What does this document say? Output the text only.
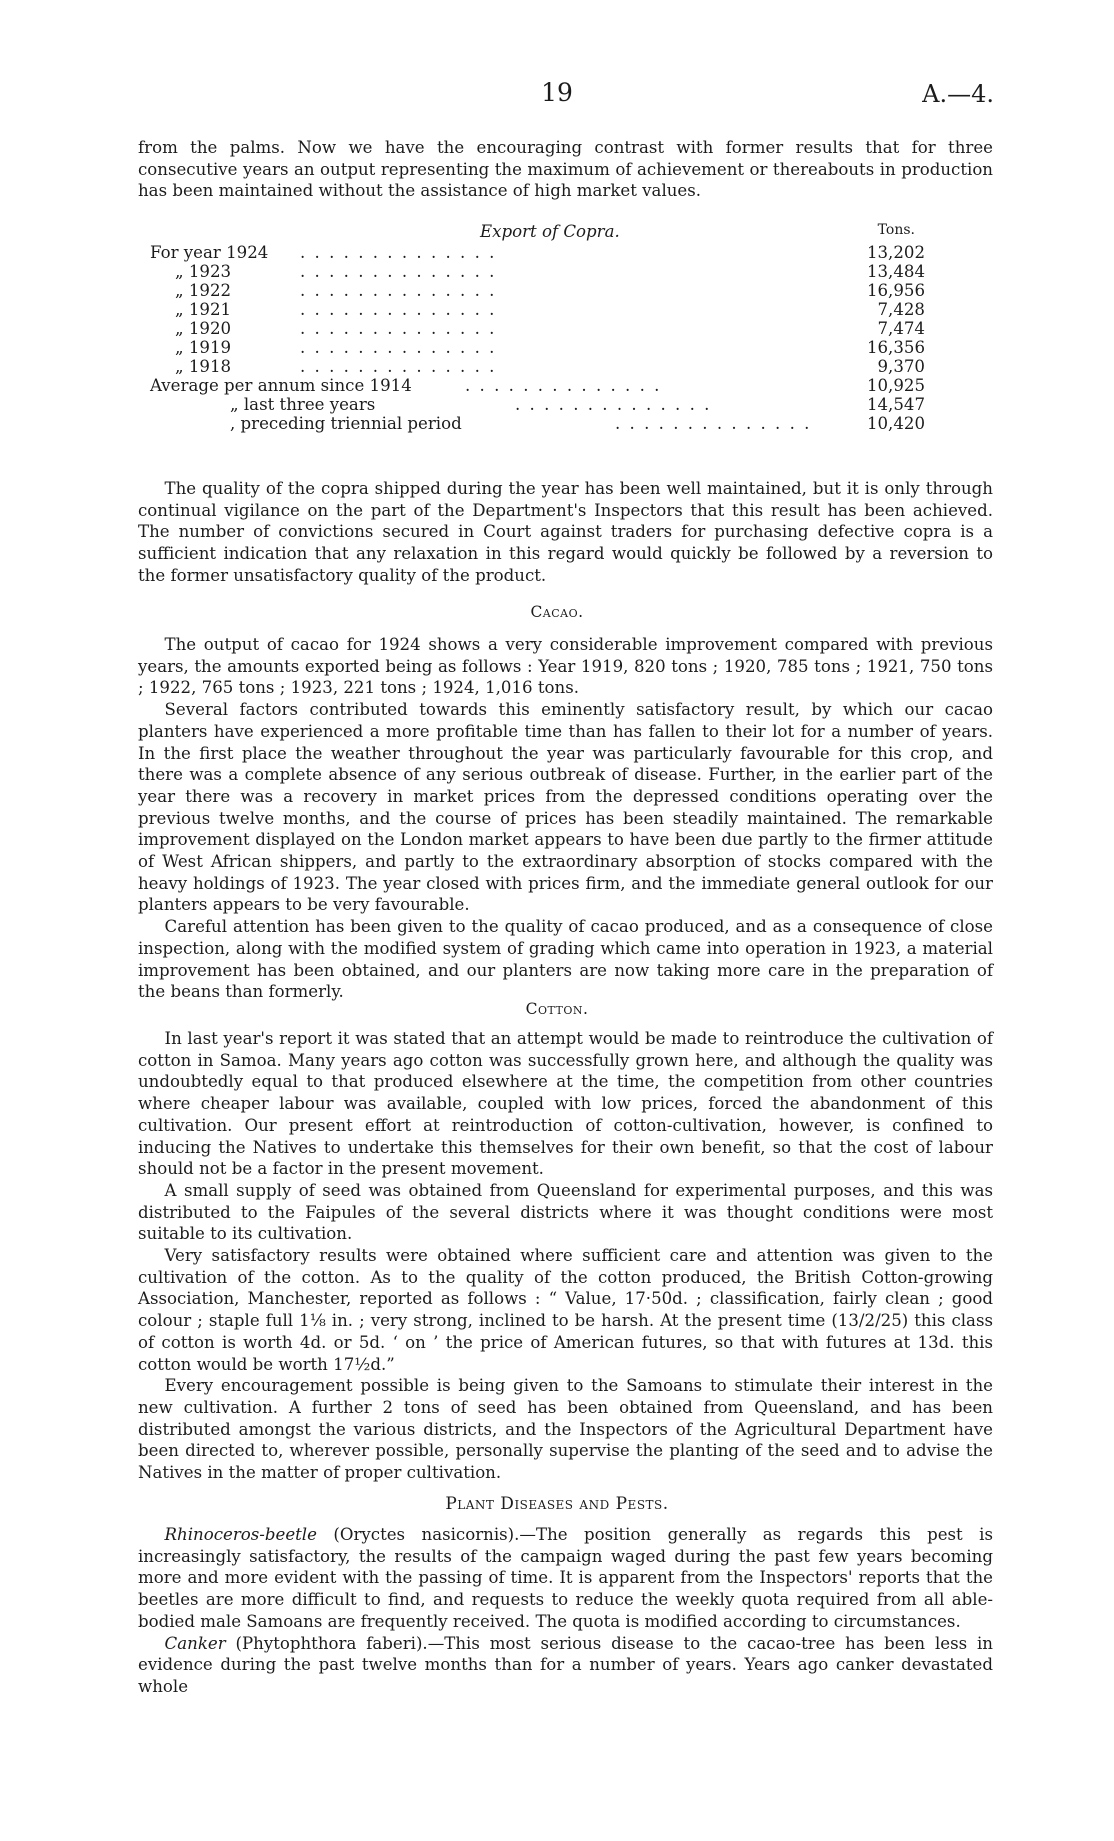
19	A.—4.

from the palms. Now we have the encouraging contrast with former results that for three consecutive years an output representing the maximum of achievement or thereabouts in production has been maintained without the assistance of high market values.

Export of Copra.	Tons.
For year 1924 . . . . . . . . . . . . . .	13,202
„ 1923	. . . . . . . . . . . . . .	13,484
„ 1922	. . . . . . . . . . . . . .	16,956
„ 1921	. . . . . . . . . . . . . .	7,428
„ 1920	. . . . . . . . . . . . . .	7,474
„ 1919	. . . . . . . . . . . . . .	16,356
„ 1918	. . . . . . . . . . . . . .	9,370
Average per annum since 1914	. . . . . . . . . . . . . .	10,925
„ last three years	. . . . . . . . . . . . . .	14,547
, preceding triennial period	. . . . . . . . . . . . . .	10,420

The quality of the copra shipped during the year has been well maintained, but it is only through continual vigilance on the part of the Department's Inspectors that this result has been achieved. The number of convictions secured in Court against traders for purchasing defective copra is a sufficient indication that any relaxation in this regard would quickly be followed by a reversion to the former unsatisfactory quality of the product.

Cacao.

The output of cacao for 1924 shows a very considerable improvement compared with previous years, the amounts exported being as follows : Year 1919, 820 tons ; 1920, 785 tons ; 1921, 750 tons ; 1922, 765 tons ; 1923, 221 tons ; 1924, 1,016 tons.

Several factors contributed towards this eminently satisfactory result, by which our cacao planters have experienced a more profitable time than has fallen to their lot for a number of years. In the first place the weather throughout the year was particularly favourable for this crop, and there was a complete absence of any serious outbreak of disease. Further, in the earlier part of the year there was a recovery in market prices from the depressed conditions operating over the previous twelve months, and the course of prices has been steadily maintained. The remarkable improvement displayed on the London market appears to have been due partly to the firmer attitude of West African shippers, and partly to the extraordinary absorption of stocks compared with the heavy holdings of 1923. The year closed with prices firm, and the immediate general outlook for our planters appears to be very favourable.

Careful attention has been given to the quality of cacao produced, and as a consequence of close inspection, along with the modified system of grading which came into operation in 1923, a material improvement has been obtained, and our planters are now taking more care in the preparation of the beans than formerly.

Cotton.

In last year's report it was stated that an attempt would be made to reintroduce the cultivation of cotton in Samoa. Many years ago cotton was successfully grown here, and although the quality was undoubtedly equal to that produced elsewhere at the time, the competition from other countries where cheaper labour was available, coupled with low prices, forced the abandonment of this cultivation. Our present effort at reintroduction of cotton-cultivation, however, is confined to inducing the Natives to undertake this themselves for their own benefit, so that the cost of labour should not be a factor in the present movement.

A small supply of seed was obtained from Queensland for experimental purposes, and this was distributed to the Faipules of the several districts where it was thought conditions were most suitable to its cultivation.

Very satisfactory results were obtained where sufficient care and attention was given to the cultivation of the cotton. As to the quality of the cotton produced, the British Cotton-growing Association, Manchester, reported as follows : “ Value, 17·50d. ; classification, fairly clean ; good colour ; staple full 1⅛ in. ; very strong, inclined to be harsh. At the present time (13/2/25) this class of cotton is worth 4d. or 5d. ‘ on ’ the price of American futures, so that with futures at 13d. this cotton would be worth 17½d.”

Every encouragement possible is being given to the Samoans to stimulate their interest in the new cultivation. A further 2 tons of seed has been obtained from Queensland, and has been distributed amongst the various districts, and the Inspectors of the Agricultural Department have been directed to, wherever possible, personally supervise the planting of the seed and to advise the Natives in the matter of proper cultivation.

Plant Diseases and Pests.

Rhinoceros-beetle (Oryctes nasicornis).—The position generally as regards this pest is increasingly satisfactory, the results of the campaign waged during the past few years becoming more and more evident with the passing of time. It is apparent from the Inspectors' reports that the beetles are more difficult to find, and requests to reduce the weekly quota required from all able-bodied male Samoans are frequently received. The quota is modified according to circumstances.

Canker (Phytophthora faberi).—This most serious disease to the cacao-tree has been less in evidence during the past twelve months than for a number of years. Years ago canker devastated whole
